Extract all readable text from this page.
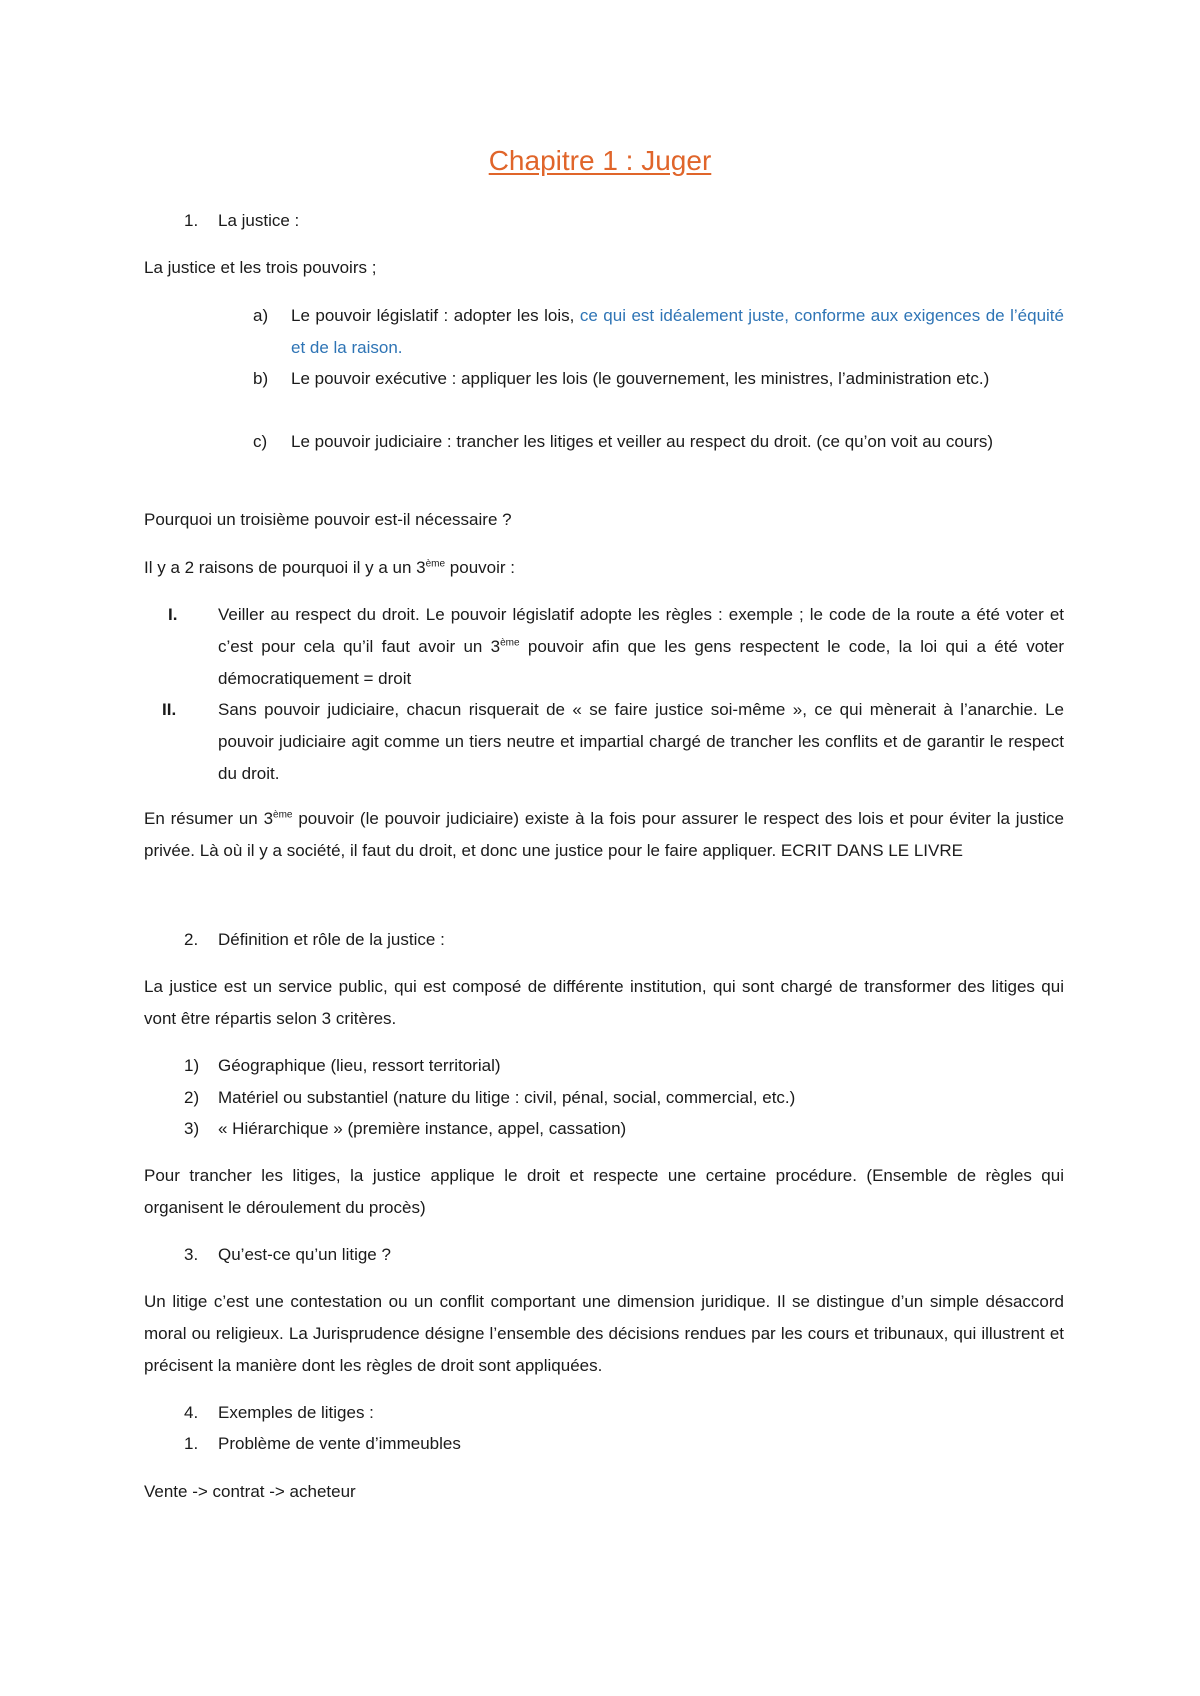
Chapitre 1 : Juger
1. La justice :
La justice et les trois pouvoirs ;
a) Le pouvoir législatif : adopter les lois, ce qui est idéalement juste, conforme aux exigences de l’équité et de la raison.
b) Le pouvoir exécutive : appliquer les lois (le gouvernement, les ministres, l’administration etc.)
c) Le pouvoir judiciaire : trancher les litiges et veiller au respect du droit. (ce qu’on voit au cours)
Pourquoi un troisième pouvoir est-il nécessaire ?
Il y a 2 raisons de pourquoi il y a un 3ème pouvoir :
I. Veiller au respect du droit. Le pouvoir législatif adopte les règles : exemple ; le code de la route a été voter et c’est pour cela qu’il faut avoir un 3ème pouvoir afin que les gens respectent le code, la loi qui a été voter démocratiquement = droit
II. Sans pouvoir judiciaire, chacun risquerait de « se faire justice soi-même », ce qui mènerait à l’anarchie. Le pouvoir judiciaire agit comme un tiers neutre et impartial chargé de trancher les conflits et de garantir le respect du droit.
En résumer un 3ème pouvoir (le pouvoir judiciaire) existe à la fois pour assurer le respect des lois et pour éviter la justice privée. Là où il y a société, il faut du droit, et donc une justice pour le faire appliquer. ECRIT DANS LE LIVRE
2. Définition et rôle de la justice :
La justice est un service public, qui est composé de différente institution, qui sont chargé de transformer des litiges qui vont être répartis selon 3 critères.
1) Géographique (lieu, ressort territorial)
2) Matériel ou substantiel (nature du litige : civil, pénal, social, commercial, etc.)
3) « Hiérarchique » (première instance, appel, cassation)
Pour trancher les litiges, la justice applique le droit et respecte une certaine procédure. (Ensemble de règles qui organisent le déroulement du procès)
3. Qu’est-ce qu’un litige ?
Un litige c’est une contestation ou un conflit comportant une dimension juridique. Il se distingue d’un simple désaccord moral ou religieux. La Jurisprudence désigne l’ensemble des décisions rendues par les cours et tribunaux, qui illustrent et précisent la manière dont les règles de droit sont appliquées.
4. Exemples de litiges :
1. Problème de vente d’immeubles
Vente -> contrat -> acheteur
